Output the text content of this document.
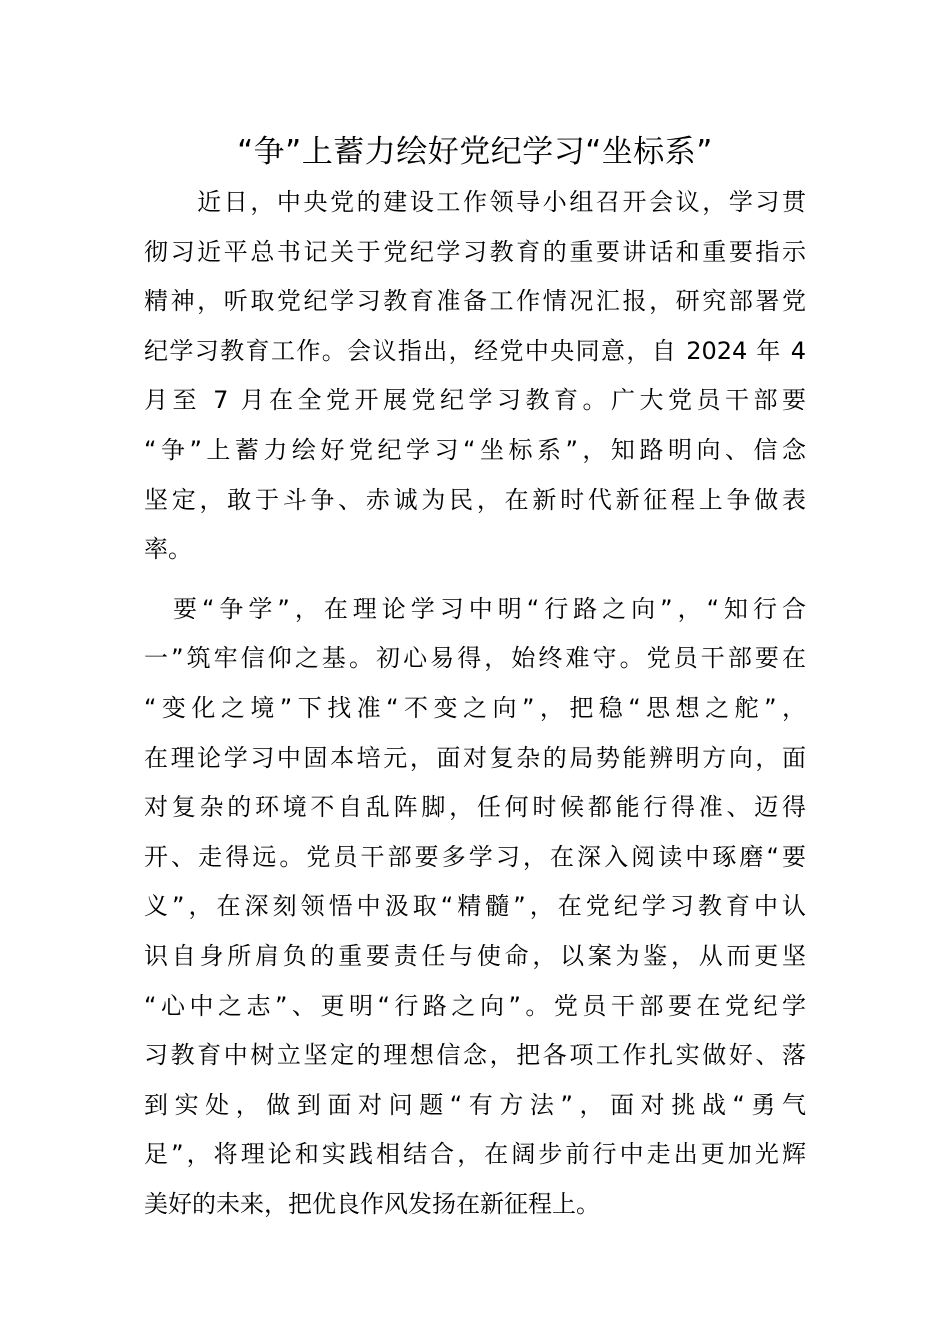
“争”上蓄力绘好党纪学习“坐标系”
　　近日，中央党的建设工作领导小组召开会议，学习贯
彻习近平总书记关于党纪学习教育的重要讲话和重要指示
精神，听取党纪学习教育准备工作情况汇报，研究部署党
纪学习教育工作。会议指出，经党中央同意，自 2024 年 4
月至 7 月在全党开展党纪学习教育。广大党员干部要
“争”上蓄力绘好党纪学习“坐标系”，知路明向、信念
坚定，敢于斗争、赤诚为民，在新时代新征程上争做表
率。
　要“争学”，在理论学习中明“行路之向”，“知行合
一”筑牢信仰之基。初心易得，始终难守。党员干部要在
“变化之境”下找准“不变之向”，把稳“思想之舵”，
在理论学习中固本培元，面对复杂的局势能辨明方向，面
对复杂的环境不自乱阵脚，任何时候都能行得准、迈得
开、走得远。党员干部要多学习，在深入阅读中琢磨“要
义”，在深刻领悟中汲取“精髓”，在党纪学习教育中认
识自身所肩负的重要责任与使命，以案为鉴，从而更坚
“心中之志”、更明“行路之向”。党员干部要在党纪学
习教育中树立坚定的理想信念，把各项工作扎实做好、落
到实处，做到面对问题“有方法”，面对挑战“勇气
足”，将理论和实践相结合，在阔步前行中走出更加光辉
美好的未来，把优良作风发扬在新征程上。
